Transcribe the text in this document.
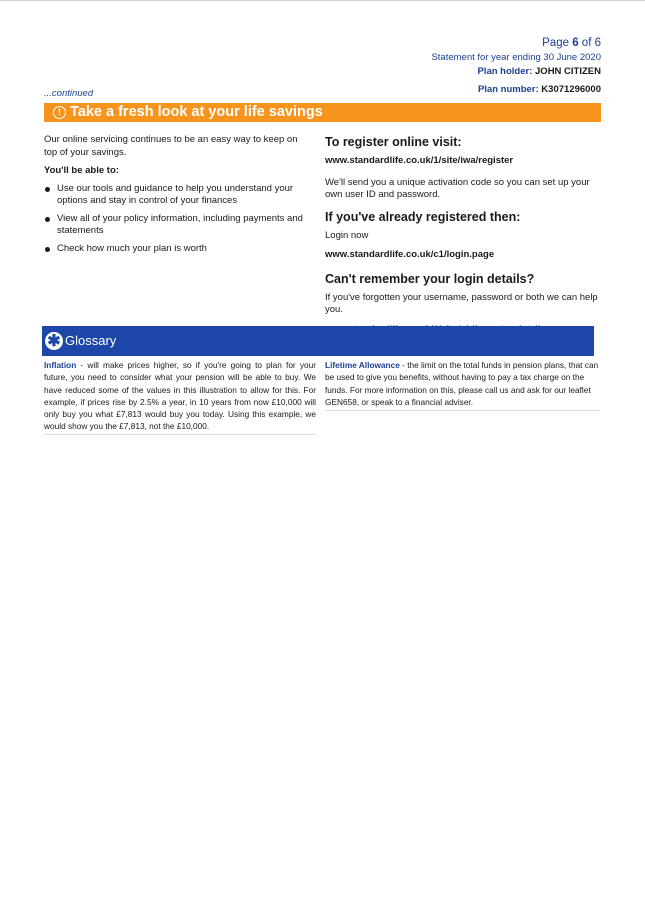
Page 6 of 6
Statement for year ending 30 June 2020
Plan holder: JOHN CITIZEN
Plan number: K3071296000
...continued
! Take a fresh look at your life savings

Our online servicing continues to be an easy way to keep on top of your savings.

You'll be able to:

Use our tools and guidance to help you understand your options and stay in control of your finances
View all of your policy information, including payments and statements
Check how much your plan is worth
To register online visit:
www.standardlife.co.uk/1/site/iwa/register

We'll send you a unique activation code so you can set up your own user ID and password.

If you've already registered then:

Login now

www.standardlife.co.uk/c1/login.page
Can't remember your login details?

If you've forgotten your username, password or both we can help you.

✱ Glossary
Inflation - will make prices higher, so if you're going to plan for your future, you need to consider what your pension will be able to buy. We have reduced some of the values in this illustration to allow for this. For example, if prices rise by 2.5% a year, in 10 years from now £10,000 will only buy you what £7,813 would buy you today. Using this example, we would show you the £7,813, not the £10,000.
Lifetime Allowance - the limit on the total funds in pension plans, that can be used to give you benefits, without having to pay a tax charge on the funds. For more information on this, please call us and ask for our leaflet GEN658, or speak to a financial adviser.
